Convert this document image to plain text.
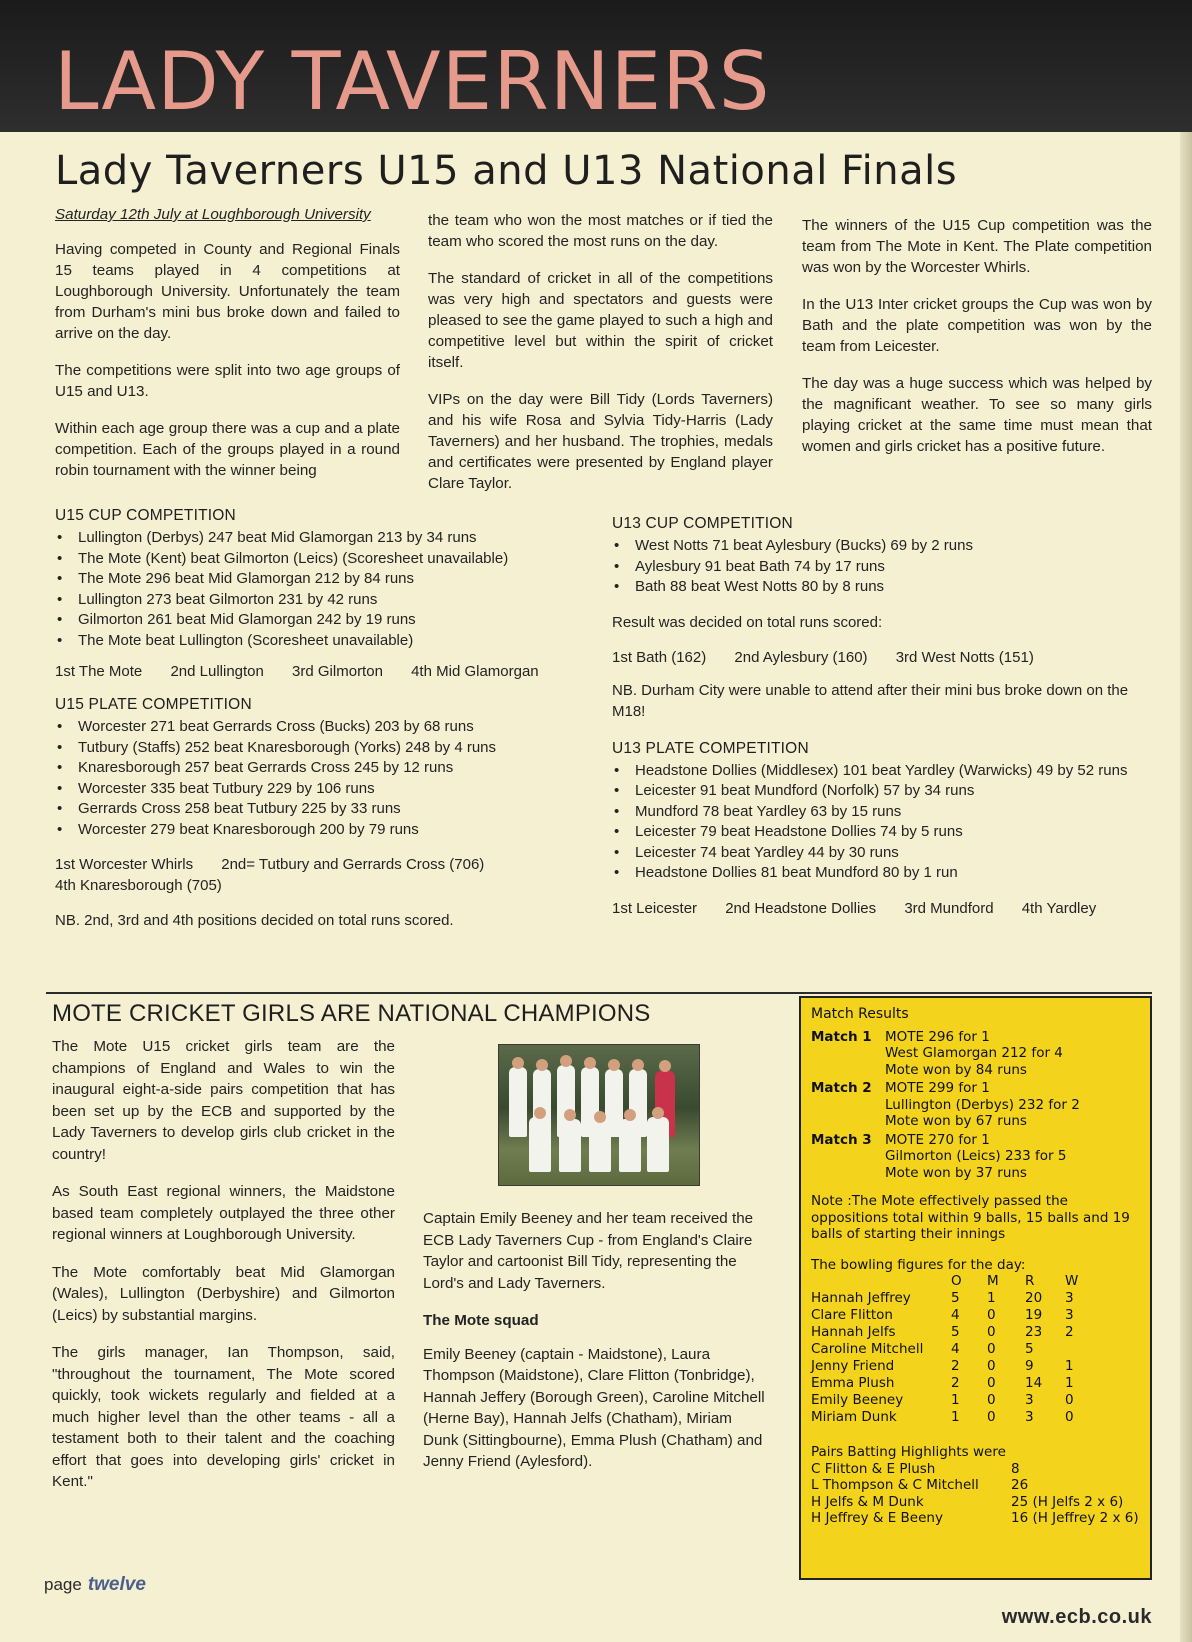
LADY TAVERNERS
Lady Taverners U15 and U13 National Finals
Saturday 12th July at Loughborough University

Having competed in County and Regional Finals 15 teams played in 4 competitions at Loughborough University. Unfortunately the team from Durham's mini bus broke down and failed to arrive on the day.

The competitions were split into two age groups of U15 and U13.

Within each age group there was a cup and a plate competition. Each of the groups played in a round robin tournament with the winner being

the team who won the most matches or if tied the team who scored the most runs on the day.

The standard of cricket in all of the competitions was very high and spectators and guests were pleased to see the game played to such a high and competitive level but within the spirit of cricket itself.

VIPs on the day were Bill Tidy (Lords Taverners) and his wife Rosa and Sylvia Tidy-Harris (Lady Taverners) and her husband. The trophies, medals and certificates were presented by England player Clare Taylor.

The winners of the U15 Cup competition was the team from The Mote in Kent. The Plate competition was won by the Worcester Whirls.

In the U13 Inter cricket groups the Cup was won by Bath and the plate competition was won by the team from Leicester.

The day was a huge success which was helped by the magnificant weather. To see so many girls playing cricket at the same time must mean that women and girls cricket has a positive future.

U15 CUP COMPETITION
• Lullington (Derbys) 247 beat Mid Glamorgan 213 by 34 runs
• The Mote (Kent) beat Gilmorton (Leics) (Scoresheet unavailable)
• The Mote 296 beat Mid Glamorgan 212 by 84 runs
• Lullington 273 beat Gilmorton 231 by 42 runs
• Gilmorton 261 beat Mid Glamorgan 242 by 19 runs
• The Mote beat Lullington (Scoresheet unavailable)
1st The Mote 2nd Lullington 3rd Gilmorton 4th Mid Glamorgan
U15 PLATE COMPETITION
• Worcester 271 beat Gerrards Cross (Bucks) 203 by 68 runs
• Tutbury (Staffs) 252 beat Knaresborough (Yorks) 248 by 4 runs
• Knaresborough 257 beat Gerrards Cross 245 by 12 runs
• Worcester 335 beat Tutbury 229 by 106 runs
• Gerrards Cross 258 beat Tutbury 225 by 33 runs
• Worcester 279 beat Knaresborough 200 by 79 runs
1st Worcester Whirls 2nd= Tutbury and Gerrards Cross (706)
4th Knaresborough (705)
NB. 2nd, 3rd and 4th positions decided on total runs scored.
U13 CUP COMPETITION
• West Notts 71 beat Aylesbury (Bucks) 69 by 2 runs
• Aylesbury 91 beat Bath 74 by 17 runs
• Bath 88 beat West Notts 80 by 8 runs
Result was decided on total runs scored:
1st Bath (162) 2nd Aylesbury (160) 3rd West Notts (151)
NB. Durham City were unable to attend after their mini bus broke down on the M18!
U13 PLATE COMPETITION
• Headstone Dollies (Middlesex) 101 beat Yardley (Warwicks) 49 by 52 runs
• Leicester 91 beat Mundford (Norfolk) 57 by 34 runs
• Mundford 78 beat Yardley 63 by 15 runs
• Leicester 79 beat Headstone Dollies 74 by 5 runs
• Leicester 74 beat Yardley 44 by 30 runs
• Headstone Dollies 81 beat Mundford 80 by 1 run
1st Leicester 2nd Headstone Dollies 3rd Mundford 4th Yardley
MOTE CRICKET GIRLS ARE NATIONAL CHAMPIONS

The Mote U15 cricket girls team are the champions of England and Wales to win the inaugural eight-a-side pairs competition that has been set up by the ECB and supported by the Lady Taverners to develop girls club cricket in the country!

As South East regional winners, the Maidstone based team completely outplayed the three other regional winners at Loughborough University.

The Mote comfortably beat Mid Glamorgan (Wales), Lullington (Derbyshire) and Gilmorton (Leics) by substantial margins.

The girls manager, Ian Thompson, said, "throughout the tournament, The Mote scored quickly, took wickets regularly and fielded at a much higher level than the other teams - all a testament both to their talent and the coaching effort that goes into developing girls' cricket in Kent."

Captain Emily Beeney and her team received the ECB Lady Taverners Cup - from England's Claire Taylor and cartoonist Bill Tidy, representing the Lord's and Lady Taverners.

The Mote squad

Emily Beeney (captain - Maidstone), Laura Thompson (Maidstone), Clare Flitton (Tonbridge), Hannah Jeffery (Borough Green), Caroline Mitchell (Herne Bay), Hannah Jelfs (Chatham), Miriam Dunk (Sittingbourne), Emma Plush (Chatham) and Jenny Friend (Aylesford).

Match Results
Match 1 MOTE 296 for 1
West Glamorgan 212 for 4
Mote won by 84 runs
Match 2 MOTE 299 for 1
Lullington (Derbys) 232 for 2
Mote won by 67 runs
Match 3 MOTE 270 for 1
Gilmorton (Leics) 233 for 5
Mote won by 37 runs
Note :The Mote effectively passed the oppositions total within 9 balls, 15 balls and 19 balls of starting their innings
The bowling figures for the day:
	O	M	R	W
Hannah Jeffrey	5	1	20	3
Clare Flitton	4	0	19	3
Hannah Jelfs	5	0	23	2
Caroline Mitchell	4	0	5	
Jenny Friend	2	0	9	1
Emma Plush	2	0	14	1
Emily Beeney	1	0	3	0
Miriam Dunk	1	0	3	0
Pairs Batting Highlights were
C Flitton & E Plush	8
L Thompson & C Mitchell	26
H Jelfs & M Dunk	25 (H Jelfs 2 x 6)
H Jeffrey & E Beeny	16 (H Jeffrey 2 x 6)
page twelve
www.ecb.co.uk
